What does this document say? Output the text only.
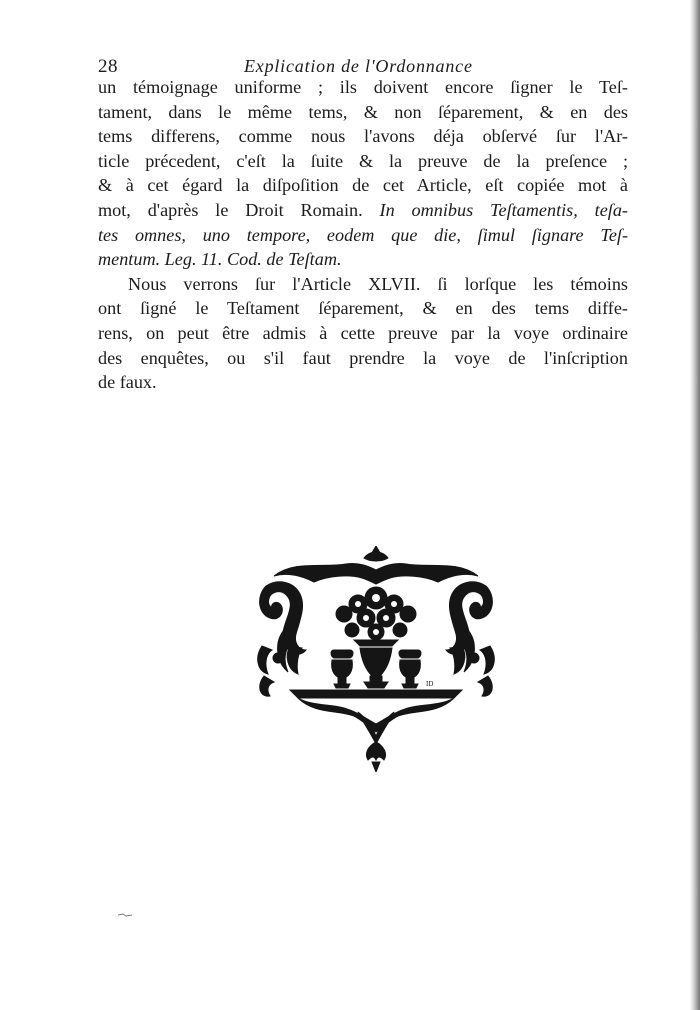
28	Explication de l'Ordonnance
un témoignage uniforme ; ils doivent encore ſigner le Teſ-
tament, dans le même tems, & non ſéparement, & en des
tems differens, comme nous l'avons déja obſervé ſur l'Ar-
ticle précedent, c'eſt la ſuite & la preuve de la preſence ;
& à cet égard la diſpoſition de cet Article, eſt copiée mot à
mot, d'après le Droit Romain. In omnibus Teſtamentis, teſa-
tes omnes, uno tempore, eodem que die, ſimul ſignare Teſ-
mentum. Leg. 11. Cod. de Teſtam.
Nous verrons ſur l'Article XLVII. ſi lorſque les témoins
ont ſigné le Teſtament ſéparement, & en des tems diffe-
rens, on peut être admis à cette preuve par la voye ordinaire
des enquêtes, ou s'il faut prendre la voye de l'inſcription
de faux.
ID
